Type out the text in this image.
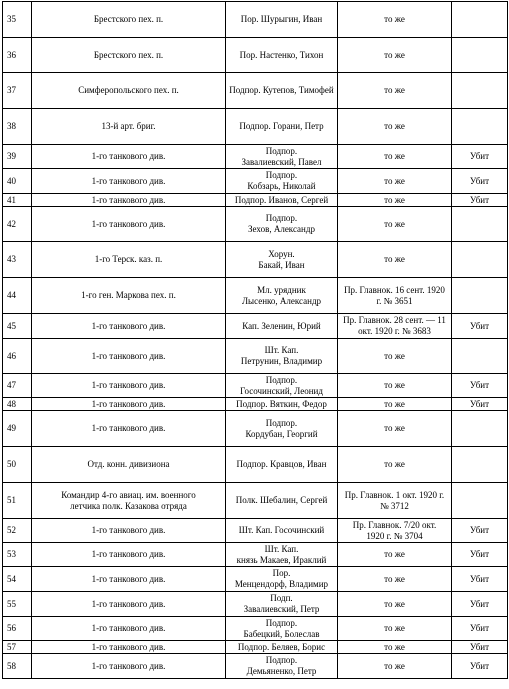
35	Брестского пех. п.	Пор. Шурыгин, Иван	то же	
36	Брестского пех. п.	Пор. Настенко, Тихон	то же	
37	Симферопольского пех. п.	Подпор. Кутепов, Тимофей	то же	
38	13-й арт. бриг.	Подпор. Горани, Петр	то же	
39	1-го танкового див.	Подпор.
Завалиевский, Павел	то же	Убит
40	1-го танкового див.	Подпор.
Кобзарь, Николай	то же	Убит
41	1-го танкового див.	Подпор. Иванов, Сергей	то же	Убит
42	1-го танкового див.	Подпор.
Зехов, Александр	то же	
43	1-го Терск. каз. п.	Хорун.
Бакай, Иван	то же	
44	1-го ген. Маркова пех. п.	Мл. урядник
Лысенко, Александр	Пр. Главнок. 16 сент. 1920
г. № 3651	
45	1-го танкового див.	Кап. Зеленин, Юрий	Пр. Главнок. 28 сент. — 11
окт. 1920 г. № 3683	Убит
46	1-го танкового див.	Шт. Кап.
Петрунин, Владимир	то же	
47	1-го танкового див.	Подпор.
Госочинский, Леонид	то же	Убит
48	1-го танкового див.	Подпор. Вяткин, Федор	то же	Убит
49	1-го танкового див.	Подпор.
Кордубан, Георгий	то же	
50	Отд. конн. дивизиона	Подпор. Кравцов, Иван	то же	
51	Командир 4-го авиац. им. военного
летчика полк. Казакова отряда	Полк. Шебалин, Сергей	Пр. Главнок. 1 окт. 1920 г.
№ 3712	
52	1-го танкового див.	Шт. Кап. Госочинский	Пр. Главнок. 7/20 окт.
1920 г. № 3704	Убит
53	1-го танкового див.	Шт. Кап.
князь Макаев, Ираклий	то же	Убит
54	1-го танкового див.	Пор.
Менцендорф, Владимир	то же	Убит
55	1-го танкового див.	Подп.
Завалиевский, Петр	то же	Убит
56	1-го танкового див.	Подпор.
Бабецкий, Болеслав	то же	Убит
57	1-го танкового див.	Подпор. Беляев, Борис	то же	Убит
58	1-го танкового див.	Подпор.
Демьяненко, Петр	то же	Убит
